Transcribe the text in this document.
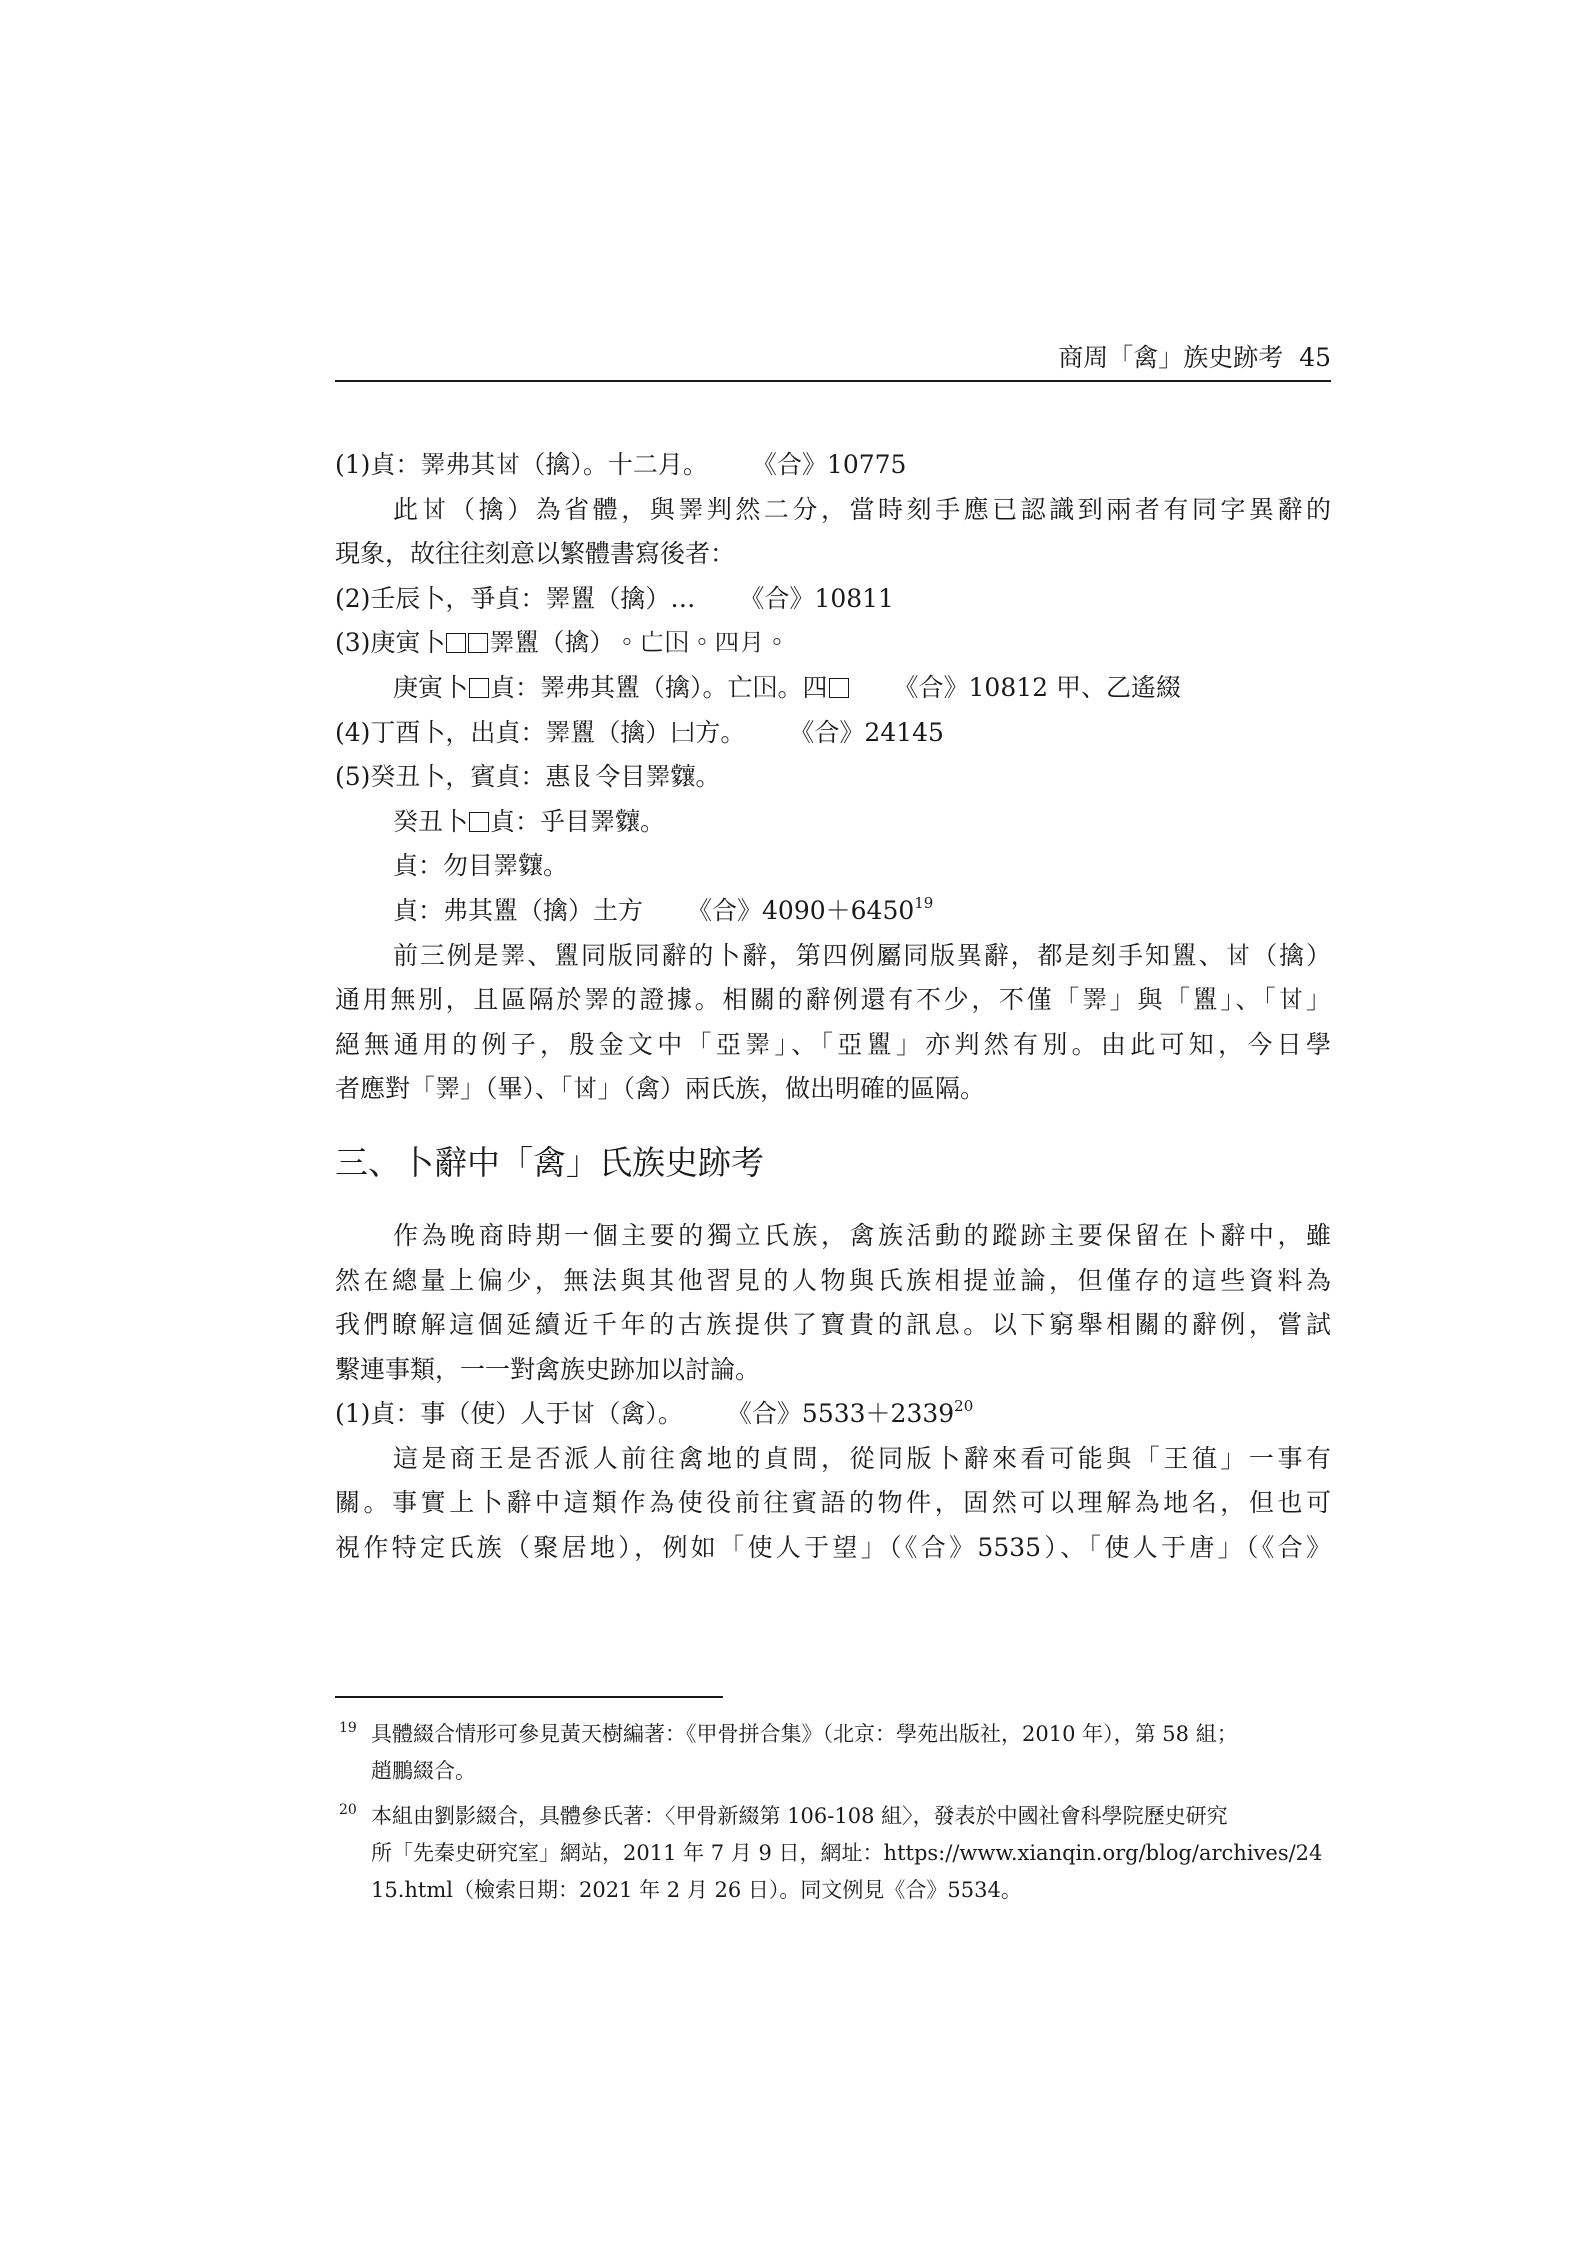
商周「禽」族史跡考 45
(1)貞：𢍰弗其𠀠（擒）。十二月。 《合》10775
此𠀠（擒）為省體，與𢍰判然二分，當時刻手應已認識到兩者有同字異辭的
現象，故往往刻意以繁體書寫後者：
(2)壬辰卜，爭貞：𢍰𥃝（擒）… 《合》10811
(3)庚寅卜 𢍰𥃝（擒）。亡𡆥。四月。
庚寅卜 貞：𢍰弗其𥃝（擒）。亡𡆥。四	《合》10812 甲、乙遙綴
(4)丁酉卜，出貞：𢍰𥃝（擒）𠙵方。 《合》24145
(5)癸丑卜，賓貞：惠𠬝令目𢍰𡗑。
癸丑卜 貞：乎目𢍰𡗑。
貞：勿目𢍰𡗑。
貞：弗其𥃝（擒）土方 《合》4090＋6450$^{19}$
前三例是𢍰、𥃝同版同辭的卜辭，第四例屬同版異辭，都是刻手知𥃝、𠀠（擒）
通用無別，且區隔於𢍰的證據。相關的辭例還有不少，不僅「𢍰」與「𥃝」、「𠀠」
絕無通用的例子，殷金文中「亞𢍰」、「亞𥃝」亦判然有別。由此可知，今日學
者應對「𢍰」（畢）、「𠀠」（禽）兩氏族，做出明確的區隔。
三、卜辭中「禽」氏族史跡考
作為晚商時期一個主要的獨立氏族，禽族活動的蹤跡主要保留在卜辭中，雖
然在總量上偏少，無法與其他習見的人物與氏族相提並論，但僅存的這些資料為
我們瞭解這個延續近千年的古族提供了寶貴的訊息。以下窮舉相關的辭例，嘗試
繫連事類，一一對禽族史跡加以討論。
(1)貞：事（使）人于𠀠（禽）。 《合》5533＋2339$^{20}$
這是商王是否派人前往禽地的貞問，從同版卜辭來看可能與「王徝」一事有
關。事實上卜辭中這類作為使役前往賓語的物件，固然可以理解為地名，但也可
視作特定氏族（聚居地），例如「使人于望」（《合》5535）、「使人于唐」（《合》
19 具體綴合情形可參見黃天樹編著：《甲骨拼合集》（北京：學苑出版社，2010 年），第 58 組；
趙鵬綴合。
20 本組由劉影綴合，具體參氏著：〈甲骨新綴第 106-108 組〉，發表於中國社會科學院歷史研究
所「先秦史研究室」網站，2011 年 7 月 9 日，網址：https://www.xianqin.org/blog/archives/24
15.html（檢索日期：2021 年 2 月 26 日）。同文例見《合》5534。
